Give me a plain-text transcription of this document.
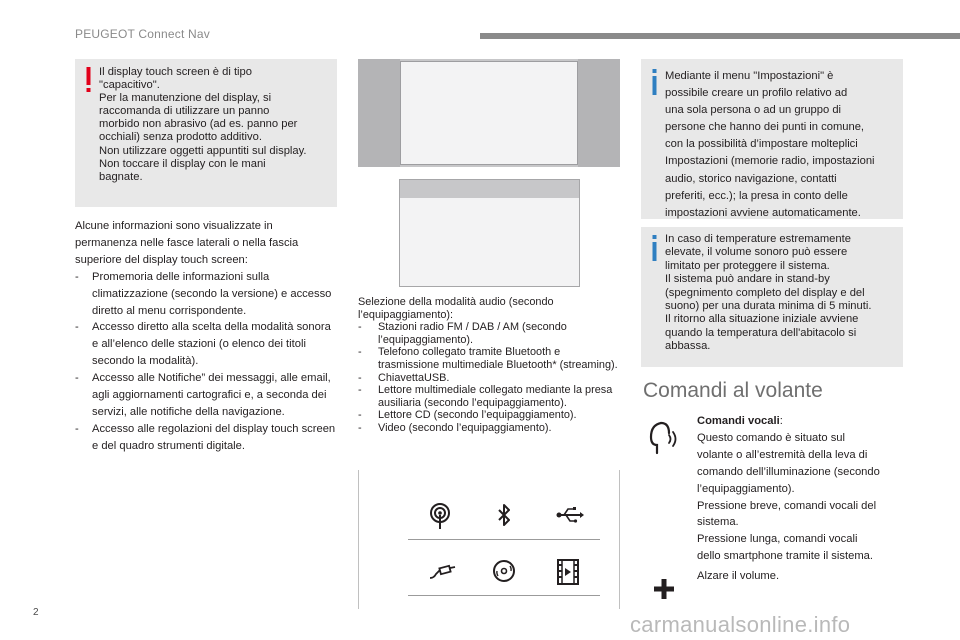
PEUGEOT Connect Nav
Il display touch screen è di tipo
"capacitivo".
Per la manutenzione del display, si
raccomanda di utilizzare un panno
morbido non abrasivo (ad es. panno per
occhiali) senza prodotto additivo.
Non utilizzare oggetti appuntiti sul display.
Non toccare il display con le mani
bagnate.
Alcune informazioni sono visualizzate in
permanenza nelle fasce laterali o nella fascia
superiore del display touch screen:
- Promemoria delle informazioni sulla climatizzazione (secondo la versione) e accesso diretto al menu corrispondente.
- Accesso diretto alla scelta della modalità sonora e all’elenco delle stazioni (o elenco dei titoli secondo la modalità).
- Accesso alle Notifiche” dei messaggi, alle email, agli aggiornamenti cartografici e, a seconda dei servizi, alle notifiche della navigazione.
- Accesso alle regolazioni del display touch screen e del quadro strumenti digitale.
Selezione della modalità audio (secondo
l’equipaggiamento):
- Stazioni radio FM / DAB / AM (secondo l’equipaggiamento).
- Telefono collegato tramite Bluetooth e trasmissione multimediale Bluetooth* (streaming).
- ChiavettaUSB.
- Lettore multimediale collegato mediante la presa ausiliaria (secondo l’equipaggiamento).
- Lettore CD (secondo l’equipaggiamento).
- Video (secondo l’equipaggiamento).
Mediante il menu "Impostazioni" è
possibile creare un profilo relativo ad
una sola persona o ad un gruppo di
persone che hanno dei punti in comune,
con la possibilità d’impostare molteplici
Impostazioni (memorie radio, impostazioni
audio, storico navigazione, contatti
preferiti, ecc.); la presa in conto delle
impostazioni avviene automaticamente.
In caso di temperature estremamente
elevate, il volume sonoro può essere
limitato per proteggere il sistema.
Il sistema può andare in stand-by
(spegnimento completo del display e del
suono) per una durata minima di 5 minuti.
Il ritorno alla situazione iniziale avviene
quando la temperatura dell'abitacolo si
abbassa.
Comandi al volante
Comandi vocali:
Questo comando è situato sul
volante o all’estremità della leva di
comando dell’illuminazione (secondo
l’equipaggiamento).
Pressione breve, comandi vocali del
sistema.
Pressione lunga, comandi vocali
dello smartphone tramite il sistema.
Alzare il volume.
2	carmanualsonline.info
